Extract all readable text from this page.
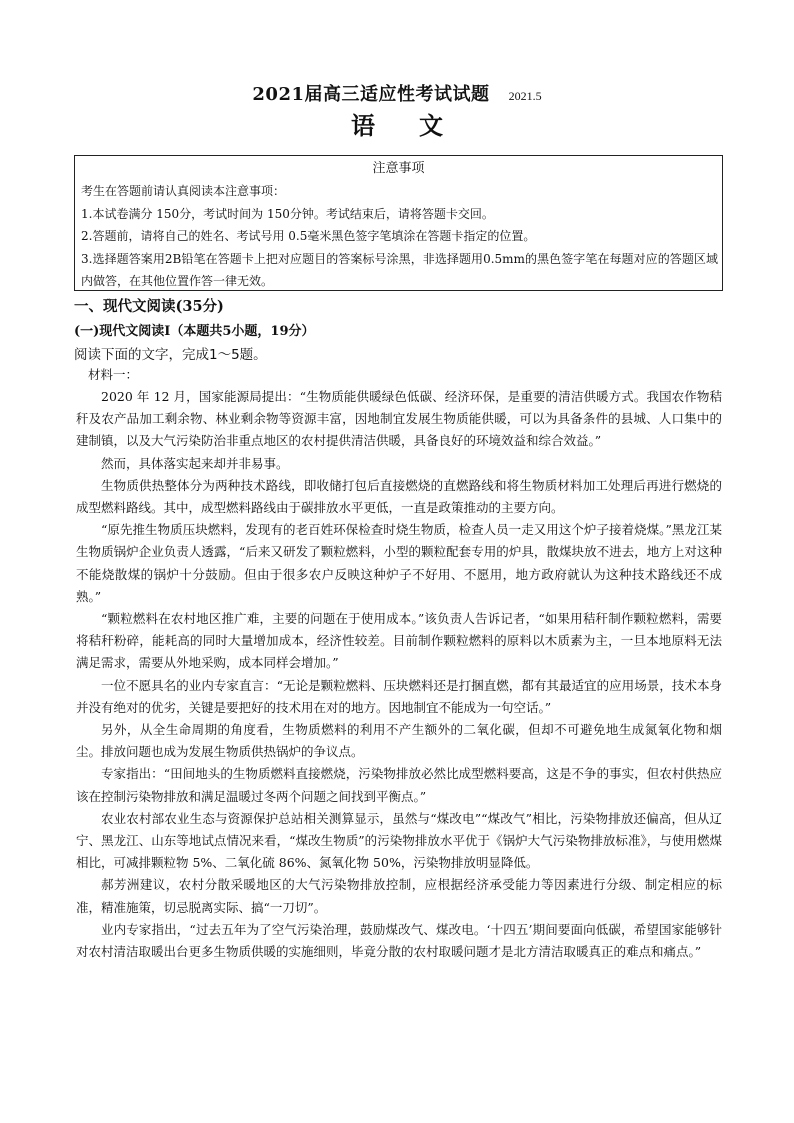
2021届高三适应性考试试题 2021.5
语文
注意事项
考生在答题前请认真阅读本注意事项：
1.本试卷满分 150分，考试时间为 150分钟。考试结束后，请将答题卡交回。
2.答题前，请将自己的姓名、考试号用 0.5毫米黑色签字笔填涂在答题卡指定的位置。
3.选择题答案用2B铅笔在答题卡上把对应题目的答案标号涂黑，非选择题用0.5mm的黑色签字笔在每题对应的答题区域内做答，在其他位置作答一律无效。
一、现代文阅读(35分)
(一)现代文阅读Ⅰ（本题共5小题，19分）
阅读下面的文字，完成1～5题。

材料一：

2020 年 12 月，国家能源局提出：“生物质能供暖绿色低碳、经济环保，是重要的清洁供暖方式。我国农作物秸秆及农产品加工剩余物、林业剩余物等资源丰富，因地制宜发展生物质能供暖，可以为具备条件的县城、人口集中的建制镇，以及大气污染防治非重点地区的农村提供清洁供暖，具备良好的环境效益和综合效益。”

然而，具体落实起来却并非易事。

生物质供热整体分为两种技术路线，即收储打包后直接燃烧的直燃路线和将生物质材料加工处理后再进行燃烧的成型燃料路线。其中，成型燃料路线由于碳排放水平更低，一直是政策推动的主要方向。

“原先推生物质压块燃料，发现有的老百姓环保检查时烧生物质，检查人员一走又用这个炉子接着烧煤。”黑龙江某生物质锅炉企业负责人透露，“后来又研发了颗粒燃料，小型的颗粒配套专用的炉具，散煤块放不进去，地方上对这种不能烧散煤的锅炉十分鼓励。但由于很多农户反映这种炉子不好用、不愿用，地方政府就认为这种技术路线还不成熟。”

“颗粒燃料在农村地区推广难，主要的问题在于使用成本。”该负责人告诉记者，“如果用秸秆制作颗粒燃料，需要将秸秆粉碎，能耗高的同时大量增加成本，经济性较差。目前制作颗粒燃料的原料以木质素为主，一旦本地原料无法满足需求，需要从外地采购，成本同样会增加。”

一位不愿具名的业内专家直言：“无论是颗粒燃料、压块燃料还是打捆直燃，都有其最适宜的应用场景，技术本身并没有绝对的优劣，关键是要把好的技术用在对的地方。因地制宜不能成为一句空话。”

另外，从全生命周期的角度看，生物质燃料的利用不产生额外的二氧化碳，但却不可避免地生成氮氧化物和烟尘。排放问题也成为发展生物质供热锅炉的争议点。

专家指出：“田间地头的生物质燃料直接燃烧，污染物排放必然比成型燃料要高，这是不争的事实，但农村供热应该在控制污染物排放和满足温暖过冬两个问题之间找到平衡点。”

农业农村部农业生态与资源保护总站相关测算显示，虽然与“煤改电”“煤改气”相比，污染物排放还偏高，但从辽宁、黑龙江、山东等地试点情况来看，“煤改生物质”的污染物排放水平优于《锅炉大气污染物排放标准》，与使用燃煤相比，可减排颗粒物 5%、二氧化硫 86%、氮氧化物 50%，污染物排放明显降低。

郝芳洲建议，农村分散采暖地区的大气污染物排放控制，应根据经济承受能力等因素进行分级、制定相应的标准，精准施策，切忌脱离实际、搞“一刀切”。

业内专家指出，“过去五年为了空气污染治理，鼓励煤改气、煤改电。‘十四五’期间要面向低碳，希望国家能够针对农村清洁取暖出台更多生物质供暖的实施细则，毕竟分散的农村取暖问题才是北方清洁取暖真正的难点和痛点。”
